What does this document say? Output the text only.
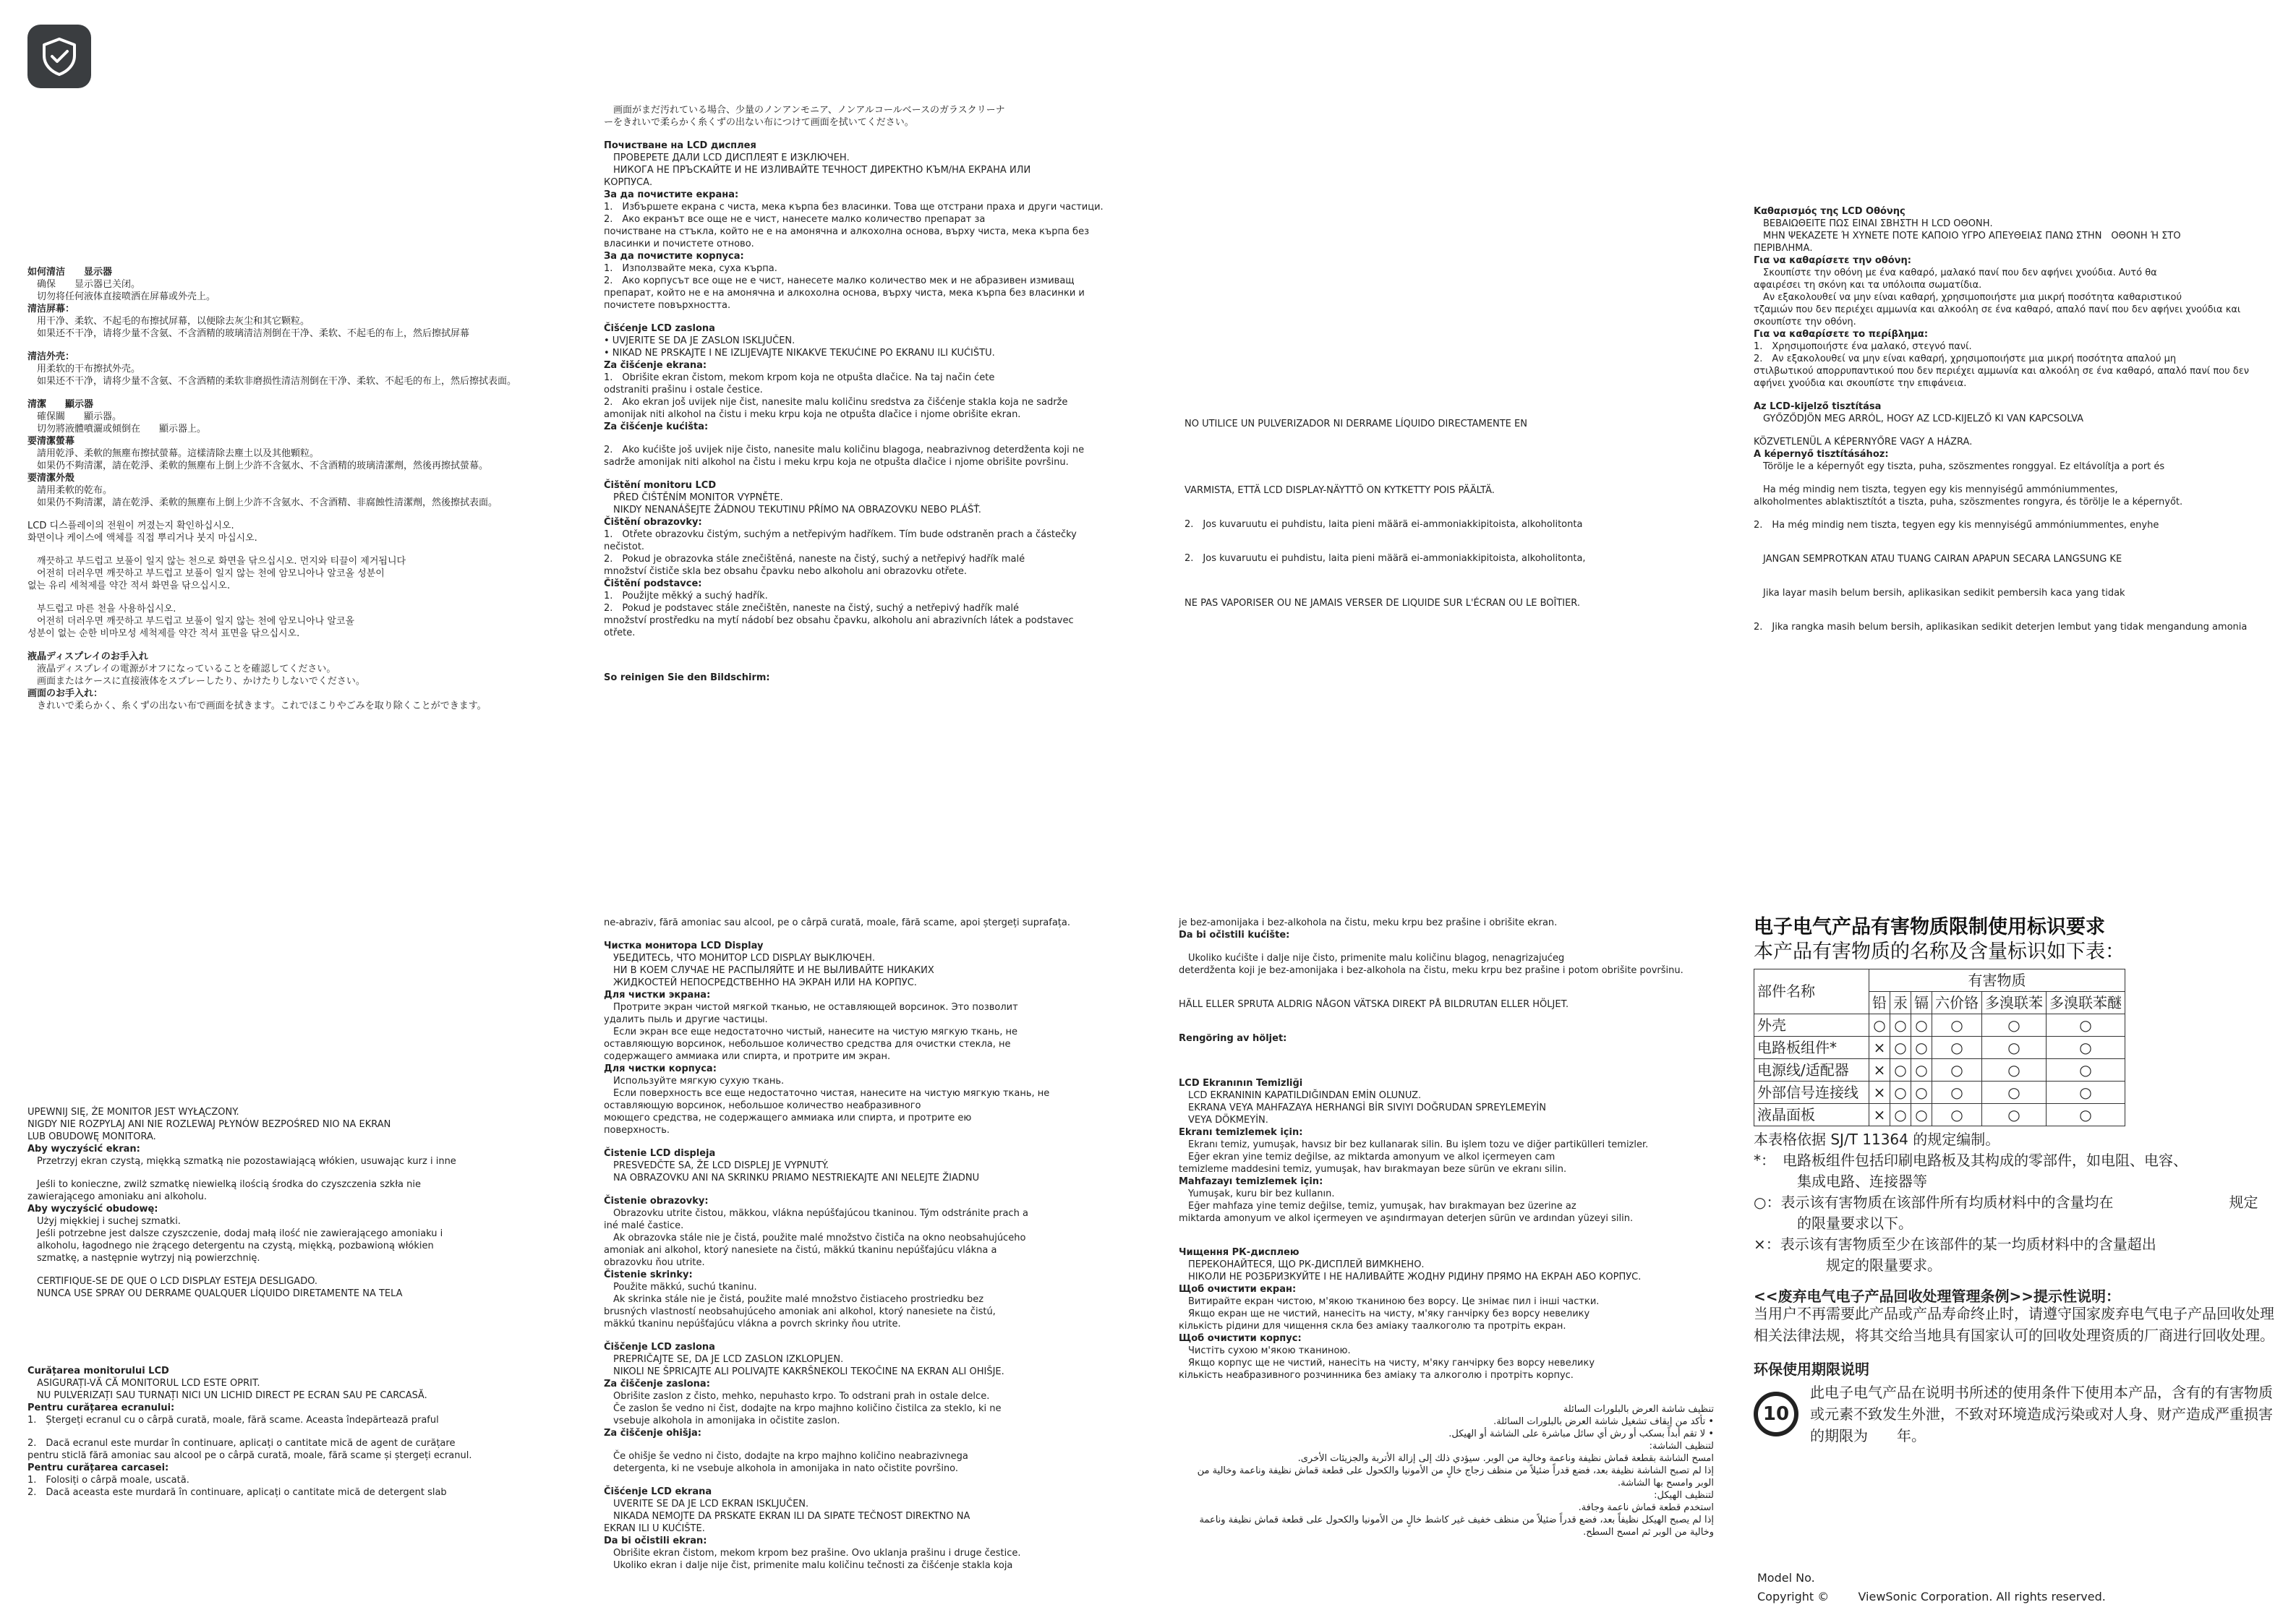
如何清洁　　显示器

　确保　　显示器已关闭。

　切勿将任何液体直接喷洒在屏幕或外壳上。

清洁屏幕：

　用干净、柔软、不起毛的布擦拭屏幕，以便除去灰尘和其它颗粒。

　如果还不干净，请将少量不含氨、不含酒精的玻璃清洁剂倒在干净、柔软、不起毛的布上，然后擦拭屏幕

清洁外壳：

　用柔软的干布擦拭外壳。

　如果还不干净，请将少量不含氨、不含酒精的柔软非磨损性清洁剂倒在干净、柔软、不起毛的布上，然后擦拭表面。

清潔　　顯示器

　確保關　　顯示器。

　切勿將液體噴灑或傾倒在　　顯示器上。

要清潔螢幕

　請用乾淨、柔軟的無塵布擦拭螢幕。這樣清除去塵土以及其他顆粒。

　如果仍不夠清潔，請在乾淨、柔軟的無塵布上倒上少許不含氨水、不含酒精的玻璃清潔劑，然後再擦拭螢幕。

要清潔外殼

　請用柔軟的乾布。

　如果仍不夠清潔，請在乾淨、柔軟的無塵布上倒上少許不含氨水、不含酒精、非腐蝕性清潔劑，然後擦拭表面。

LCD 디스플레이의 전원이 꺼졌는지 확인하십시오.

화면이나 케이스에 액체를 직접 뿌리거나 붓지 마십시오.

　깨끗하고 부드럽고 보풀이 일지 않는 천으로 화면을 닦으십시오. 먼지와 티끌이 제거됩니다

　어전히 더러우면 깨끗하고 부드럽고 보풀이 일지 않는 천에 암모니아나 알코올 성분이

없는 유리 세척제를 약간 적셔 화면을 닦으십시오.

　부드럽고 마른 천을 사용하십시오.

　어전히 더러우면 깨끗하고 부드럽고 보풀이 일지 않는 천에 암모니아나 알코올

성분이 없는 순한 비마모성 세척제를 약간 적셔 표면을 닦으십시오.

液晶ディスプレイのお手入れ

　液晶ディスプレイの電源がオフになっていることを確認してください。

　画面またはケースに直接液体をスプレーしたり、かけたりしないでください。

画面のお手入れ：

　きれいで柔らかく、糸くずの出ない布で画面を拭きます。これでほこりやごみを取り除くことができます。

　画面がまだ汚れている場合、少量のノンアンモニア、ノンアルコールベースのガラスクリーナ

ーをきれいで柔らかく糸くずの出ない布につけて画面を拭いてください。

Почистване на LCD дисплея

　ПРОВЕРЕТЕ ДАЛИ LCD ДИСПЛЕЯТ Е ИЗКЛЮЧЕН.

　НИКОГА НЕ ПРЪСКАЙТЕ И НЕ ИЗЛИВАЙТЕ ТЕЧНОСТ ДИРЕКТНО КЪМ/НА ЕКРАНА ИЛИ

КОРПУСА.

За да почистите екрана:

1.　Избършете екрана с чиста, мека кърпа без власинки. Това ще отстрани праха и други частици.

2.　Ако екранът все още не е чист, нанесете малко количество препарат за

почистване на стъкла, който не е на амонячна и алкохолна основа, върху чиста, мека кърпа без

власинки и почистете отново.

За да почистите корпуса:

1.　Използвайте мека, суха кърпа.

2.　Ако корпусът все още не е чист, нанесете малко количество мек и не абразивен измиващ

препарат, който не е на амонячна и алкохолна основа, върху чиста, мека кърпа без власинки и

почистете повърхността.

Čišćenje LCD zaslona

• UVJERITE SE DA JE ZASLON ISKLJUČEN.

• NIKAD NE PRSKAJTE I NE IZLIJEVAJTE NIKAKVE TEKUĆINE PO EKRANU ILI KUĆIŠTU.

Za čišćenje ekrana:

1.　Obrišite ekran čistom, mekom krpom koja ne otpušta dlačice. Na taj način ćete

odstraniti prašinu i ostale čestice.

2.　Ako ekran još uvijek nije čist, nanesite malu količinu sredstva za čišćenje stakla koja ne sadrže

amonijak niti alkohol na čistu i meku krpu koja ne otpušta dlačice i njome obrišite ekran.

Za čišćenje kućišta:

2.　Ako kućište još uvijek nije čisto, nanesite malu količinu blagoga, neabrazivnog deterdženta koji ne

sadrže amonijak niti alkohol na čistu i meku krpu koja ne otpušta dlačice i njome obrišite površinu.

Čištění monitoru LCD

　PŘED ČIŠTĚNÍM MONITOR VYPNĚTE.

　NIKDY NENANÁŠEJTE ŽÁDNOU TEKUTINU PŘÍMO NA OBRAZOVKU NEBO PLÁŠŤ.

Čištění obrazovky:

1.　Otřete obrazovku čistým, suchým a netřepivým hadříkem. Tím bude odstraněn prach a částečky

nečistot.

2.　Pokud je obrazovka stále znečištěná, naneste na čistý, suchý a netřepivý hadřík malé

množství čističe skla bez obsahu čpavku nebo alkoholu ani obrazovku otřete.

Čištění podstavce:

1.　Použijte měkký a suchý hadřík.

2.　Pokud je podstavec stále znečištěn, naneste na čistý, suchý a netřepivý hadřík malé

množství prostředku na mytí nádobí bez obsahu čpavku, alkoholu ani abrazivních látek a podstavec

otřete.

So reinigen Sie den Bildschirm:

NO UTILICE UN PULVERIZADOR NI DERRAME LÍQUIDO DIRECTAMENTE EN

VARMISTA, ETTÄ LCD DISPLAY-NÄYTTÖ ON KYTKETTY POIS PÄÄLTÄ.

2.　Jos kuvaruutu ei puhdistu, laita pieni määrä ei-ammoniakkipitoista, alkoholitonta

2.　Jos kuvaruutu ei puhdistu, laita pieni määrä ei-ammoniakkipitoista, alkoholitonta,

NE PAS VAPORISER OU NE JAMAIS VERSER DE LIQUIDE SUR L'ÉCRAN OU LE BOÎTIER.

Καθαρισμός της LCD Οθόνης

　ΒΕΒΑΙΩΘΕΙΤΕ ΠΩΣ ΕΙΝΑΙ ΣΒΗΣΤΗ Η LCD ΟΘΟΝΗ.

　ΜΗΝ ΨΕΚΑΖΕΤΕ Ή ΧΥΝΕΤΕ ΠΟΤΕ ΚΑΠΟΙΟ ΥΓΡΟ ΑΠΕΥΘΕΙΑΣ ΠΑΝΩ ΣΤΗΝ　ΟΘΟΝΗ Ή ΣΤΟ

ΠΕΡΙΒΛΗΜΑ.

Για να καθαρίσετε την οθόνη:

　Σκουπίστε την οθόνη με ένα καθαρό, μαλακό πανί που δεν αφήνει χνούδια. Αυτό θα

αφαιρέσει τη σκόνη και τα υπόλοιπα σωματίδια.

　Αν εξακολουθεί να μην είναι καθαρή, χρησιμοποιήστε μια μικρή ποσότητα καθαριστικού

τζαμιών που δεν περιέχει αμμωνία και αλκοόλη σε ένα καθαρό, απαλό πανί που δεν αφήνει χνούδια και

σκουπίστε την οθόνη.

Για να καθαρίσετε το περίβλημα:

1.　Χρησιμοποιήστε ένα μαλακό, στεγνό πανί.

2.　Αν εξακολουθεί να μην είναι καθαρή, χρησιμοποιήστε μια μικρή ποσότητα απαλού μη

στιλβωτικού απορρυπαντικού που δεν περιέχει αμμωνία και αλκοόλη σε ένα καθαρό, απαλό πανί που δεν

αφήνει χνούδια και σκουπίστε την επιφάνεια.

Az LCD-kijelző tisztítása

　GYŐZŐDJÖN MEG ARRÓL, HOGY AZ LCD-KIJELZŐ KI VAN KAPCSOLVA

KÖZVETLENÜL A KÉPERNYŐRE VAGY A HÁZRA.

A képernyő tisztításához:

　Törölje le a képernyőt egy tiszta, puha, szöszmentes ronggyal. Ez eltávolítja a port és

　Ha még mindig nem tiszta, tegyen egy kis mennyiségű ammóniummentes,

alkoholmentes ablaktisztítót a tiszta, puha, szöszmentes rongyra, és törölje le a képernyőt.

2.　Ha még mindig nem tiszta, tegyen egy kis mennyiségű ammóniummentes, enyhe

　JANGAN SEMPROTKAN ATAU TUANG CAIRAN APAPUN SECARA LANGSUNG KE

　Jika layar masih belum bersih, aplikasikan sedikit pembersih kaca yang tidak

2.　Jika rangka masih belum bersih, aplikasikan sedikit deterjen lembut yang tidak mengandung amonia

UPEWNIJ SIĘ, ŻE MONITOR JEST WYŁĄCZONY.

NIGDY NIE ROZPYLAJ ANI NIE ROZLEWAJ PŁYNÓW BEZPOŚRED NIO NA EKRAN

LUB OBUDOWĘ MONITORA.

Aby wyczyścić ekran:

　Przetrzyj ekran czystą, miękką szmatką nie pozostawiającą włókien, usuwając kurz i inne

　Jeśli to konieczne, zwilż szmatkę niewielką ilością środka do czyszczenia szkła nie

zawierającego amoniaku ani alkoholu.

Aby wyczyścić obudowę:

　Użyj miękkiej i suchej szmatki.

　Jeśli potrzebne jest dalsze czyszczenie, dodaj małą ilość nie zawierającego amoniaku i

　alkoholu, łagodnego nie żrącego detergentu na czystą, miękką, pozbawioną włókien

　szmatkę, a następnie wytrzyj nią powierzchnię.

　CERTIFIQUE-SE DE QUE O LCD DISPLAY ESTEJA DESLIGADO.

　NUNCA USE SPRAY OU DERRAME QUALQUER LÍQUIDO DIRETAMENTE NA TELA

Curățarea monitorului LCD

　ASIGURAȚI-VĂ CĂ MONITORUL LCD ESTE OPRIT.

　NU PULVERIZAȚI SAU TURNAȚI NICI UN LICHID DIRECT PE ECRAN SAU PE CARCASĂ.

Pentru curățarea ecranului:

1.　Ștergeți ecranul cu o cârpă curată, moale, fără scame. Aceasta îndepărtează praful

2.　Dacă ecranul este murdar în continuare, aplicați o cantitate mică de agent de curățare

pentru sticlă fără amoniac sau alcool pe o cârpă curată, moale, fără scame și ștergeți ecranul.

Pentru curățarea carcasei:

1.　Folosiți o cârpă moale, uscată.

2.　Dacă aceasta este murdară în continuare, aplicați o cantitate mică de detergent slab

ne-abraziv, fără amoniac sau alcool, pe o cârpă curată, moale, fără scame, apoi ștergeți suprafața.

Чистка монитора LCD Display

　УБЕДИТЕСЬ, ЧТО МОНИТОР LCD DISPLAY ВЫКЛЮЧЕН.

　НИ В КОЕМ СЛУЧАЕ НЕ РАСПЫЛЯЙТЕ И НЕ ВЫЛИВАЙТЕ НИКАКИХ

　ЖИДКОСТЕЙ НЕПОСРЕДСТВЕННО НА ЭКРАН ИЛИ НА КОРПУС.

Для чистки экрана:

　Протрите экран чистой мягкой тканью, не оставляющей ворсинок. Это позволит

удалить пыль и другие частицы.

　Если экран все еще недостаточно чистый, нанесите на чистую мягкую ткань, не

оставляющую ворсинок, небольшое количество средства для очистки стекла, не

содержащего аммиака или спирта, и протрите им экран.

Для чистки корпуса:

　Используйте мягкую сухую ткань.

　Если поверхность все еще недостаточно чистая, нанесите на чистую мягкую ткань, не

оставляющую ворсинок, небольшое количество неабразивного

моющего средства, не содержащего аммиака или спирта, и протрите ею

поверхность.

Čistenie LCD displeja

　PRESVEDČTE SA, ŽE LCD DISPLEJ JE VYPNUTÝ.

　NA OBRAZOVKU ANI NA SKRINKU PRIAMO NESTRIEKAJTE ANI NELEJTE ŽIADNU

Čistenie obrazovky:

　Obrazovku utrite čistou, mäkkou, vlákna nepúšťajúcou tkaninou. Tým odstránite prach a

iné malé častice.

　Ak obrazovka stále nie je čistá, použite malé množstvo čističa na okno neobsahujúceho

amoniak ani alkohol, ktorý nanesiete na čistú, mäkkú tkaninu nepúšťajúcu vlákna a

obrazovku ňou utrite.

Čistenie skrinky:

　Použite mäkkú, suchú tkaninu.

　Ak skrinka stále nie je čistá, použite malé množstvo čistiaceho prostriedku bez

brusných vlastností neobsahujúceho amoniak ani alkohol, ktorý nanesiete na čistú,

mäkkú tkaninu nepúšťajúcu vlákna a povrch skrinky ňou utrite.

Čiščenje LCD zaslona

　PREPRIČAJTE SE, DA JE LCD ZASLON IZKLOPLJEN.

　NIKOLI NE ŠPRICAJTE ALI POLIVAJTE KAKRŠNEKOLI TEKOČINE NA EKRAN ALI OHIŠJE.

Za čiščenje zaslona:

　Obrišite zaslon z čisto, mehko, nepuhasto krpo. To odstrani prah in ostale delce.

　Če zaslon še vedno ni čist, dodajte na krpo majhno količino čistilca za steklo, ki ne

　vsebuje alkohola in amonijaka in očistite zaslon.

Za čiščenje ohišja:

　Če ohišje še vedno ni čisto, dodajte na krpo majhno količino neabrazivnega

　detergenta, ki ne vsebuje alkohola in amonijaka in nato očistite površino.

Čišćenje LCD ekrana

　UVERITE SE DA JE LCD EKRAN ISKLJUČEN.

　NIKADA NEMOJTE DA PRSKATE EKRAN ILI DA SIPATE TEČNOST DIREKTNO NA

EKRAN ILI U KUĆIŠTE.

Da bi očistili ekran:

　Obrišite ekran čistom, mekom krpom bez prašine. Ovo uklanja prašinu i druge čestice.

　Ukoliko ekran i dalje nije čist, primenite malu količinu tečnosti za čišćenje stakla koja

je bez-amonijaka i bez-alkohola na čistu, meku krpu bez prašine i obrišite ekran.

Da bi očistili kućište:

　Ukoliko kućište i dalje nije čisto, primenite malu količinu blagog, nenagrizajućeg

deterdženta koji je bez-amonijaka i bez-alkohola na čistu, meku krpu bez prašine i potom obrišite površinu.

HÄLL ELLER SPRUTA ALDRIG NÅGON VÄTSKA DIREKT PÅ BILDRUTAN ELLER HÖLJET.

Rengöring av höljet:

LCD Ekranının Temizliği

　LCD EKRANININ KAPATILDIĞINDAN EMİN OLUNUZ.

　EKRANA VEYA MAHFAZAYA HERHANGİ BİR SIVIYI DOĞRUDAN SPREYLEMEYİN

　VEYA DÖKMEYİN.

Ekranı temizlemek için:

　Ekranı temiz, yumuşak, havsız bir bez kullanarak silin. Bu işlem tozu ve diğer partikülleri temizler.

　Eğer ekran yine temiz değilse, az miktarda amonyum ve alkol içermeyen cam

temizleme maddesini temiz, yumuşak, hav bırakmayan beze sürün ve ekranı silin.

Mahfazayı temizlemek için:

　Yumuşak, kuru bir bez kullanın.

　Eğer mahfaza yine temiz değilse, temiz, yumuşak, hav bırakmayan bez üzerine az

miktarda amonyum ve alkol içermeyen ve aşındırmayan deterjen sürün ve ardından yüzeyi silin.

Чищення РК-дисплею

　ПЕРЕКОНАЙТЕСЯ, ЩО РК-ДИСПЛЕЙ ВИМКНЕНО.

　НІКОЛИ НЕ РОЗБРИЗКУЙТЕ І НЕ НАЛИВАЙТЕ ЖОДНУ РІДИНУ ПРЯМО НА ЕКРАН АБО КОРПУС.

Щоб очистити екран:

　Витирайте екран чистою, м'якою тканиною без ворсу. Це знімає пил і інші частки.

　Якщо екран ще не чистий, нанесіть на чисту, м'яку ганчірку без ворсу невелику

кількість рідини для чищення скла без аміаку таалкоголю та протріть екран.

Щоб очистити корпус:

　Чистіть сухою м'якою тканиною.

　Якщо корпус ще не чистий, нанесіть на чисту, м'яку ганчірку без ворсу невелику

кількість неабразивного розчинника без аміаку та алкоголю і протріть корпус.

تنظيف شاشة العرض بالبلورات السائلة

• تأكد من إيقاف تشغيل شاشة العرض بالبلورات السائلة.

• لا تقم أبداً بسكب أو رش أي سائل مباشرة على الشاشة أو الهيكل.

لتنظيف الشاشة:

امسح الشاشة بقطعة قماش نظيفة وناعمة وخالية من الوبر. سيؤدي ذلك إلى إزالة الأتربة والجزيئات الأخرى.

إذا لم تصبح الشاشة نظيفة بعد، فضع قدراً ضئيلاً من منظف زجاج خالٍ من الأمونيا والكحول على قطعة قماش نظيفة وناعمة وخالية من الوبر وامسح بها الشاشة.

لتنظيف الهيكل:

استخدم قطعة قماش ناعمة وجافة.

إذا لم يصبح الهيكل نظيفاً بعد، فضع قدراً ضئيلاً من منظف خفيف غير كاشط خالٍ من الأمونيا والكحول على قطعة قماش نظيفة وناعمة وخالية من الوبر ثم امسح السطح.

电子电气产品有害物质限制使用标识要求
本产品有害物质的名称及含量标识如下表：
部件名称	有害物质					
	铅	汞	镉	六价铬	多溴联苯	多溴联苯醚
外壳	○	○	○	○	○	○
电路板组件*	×	○	○	○	○	○
电源线/适配器	×	○	○	○	○	○
外部信号连接线	×	○	○	○	○	○
液晶面板	×	○	○	○	○	○
本表格依据 SJ/T 11364 的规定编制。
*：　电路板组件包括印刷电路板及其构成的零部件，如电阻、电容、
　　　集成电路、连接器等
○：表示该有害物质在该部件所有均质材料中的含量均在　　　　　　　　规定
　　　的限量要求以下。
×：表示该有害物质至少在该部件的某一均质材料中的含量超出
　　　　　规定的限量要求。
<<废弃电气电子产品回收处理管理条例>>提示性说明：
当用户不再需要此产品或产品寿命终止时，请遵守国家废弃电气电子产品回收处理相关法律法规，将其交给当地具有国家认可的回收处理资质的厂商进行回收处理。
环保使用期限说明
10
此电子电气产品在说明书所述的使用条件下使用本产品，含有的有害物质或元素不致发生外泄，不致对环境造成污染或对人身、财产造成严重损害的期限为　　年。
Model No.
Copyright ©	ViewSonic Corporation. All rights reserved.
